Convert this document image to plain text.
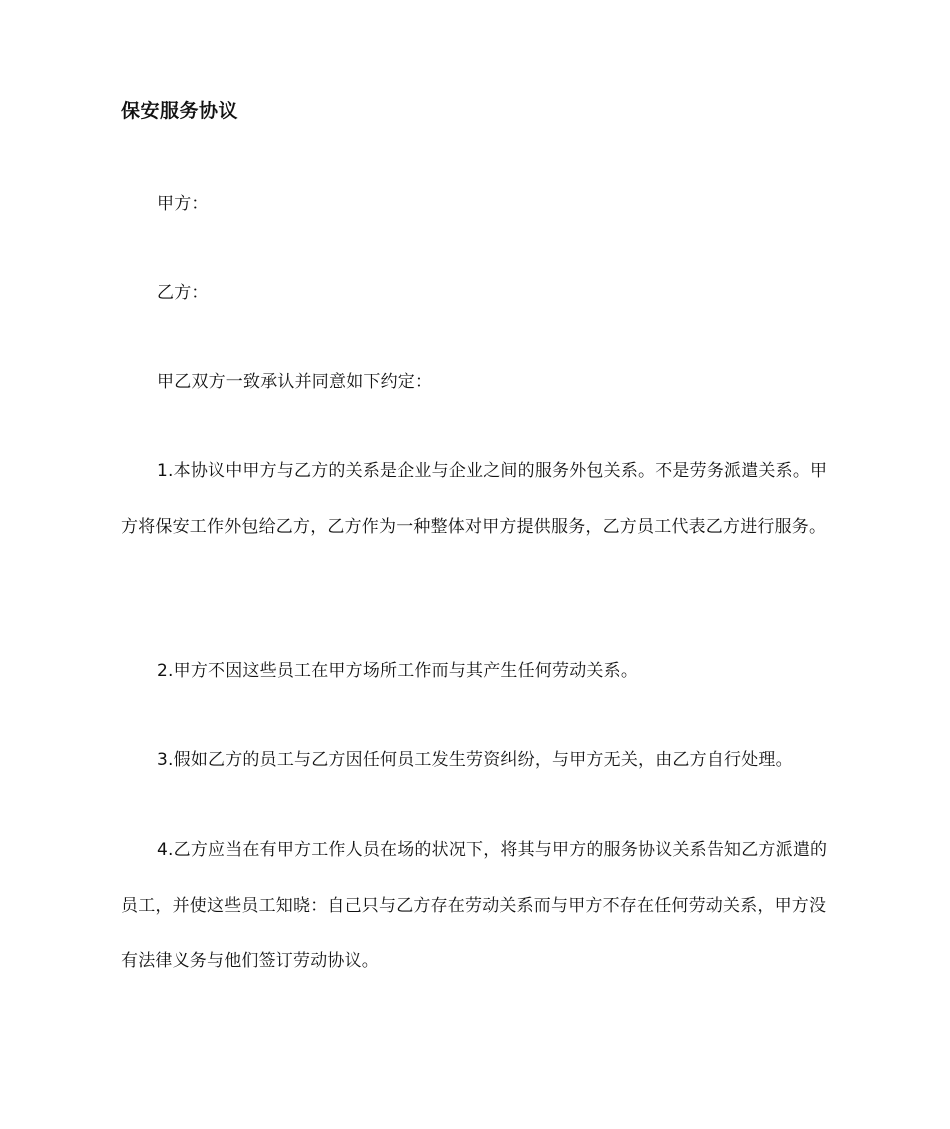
保安服务协议

甲方：

乙方：

甲乙双方一致承认并同意如下约定：

1.本协议中甲方与乙方的关系是企业与企业之间的服务外包关系。不是劳务派遣关系。甲方将保安工作外包给乙方，乙方作为一种整体对甲方提供服务，乙方员工代表乙方进行服务。

2.甲方不因这些员工在甲方场所工作而与其产生任何劳动关系。

3.假如乙方的员工与乙方因任何员工发生劳资纠纷，与甲方无关，由乙方自行处理。

4.乙方应当在有甲方工作人员在场的状况下，将其与甲方的服务协议关系告知乙方派遣的员工，并使这些员工知晓：自己只与乙方存在劳动关系而与甲方不存在任何劳动关系，甲方没有法律义务与他们签订劳动协议。
